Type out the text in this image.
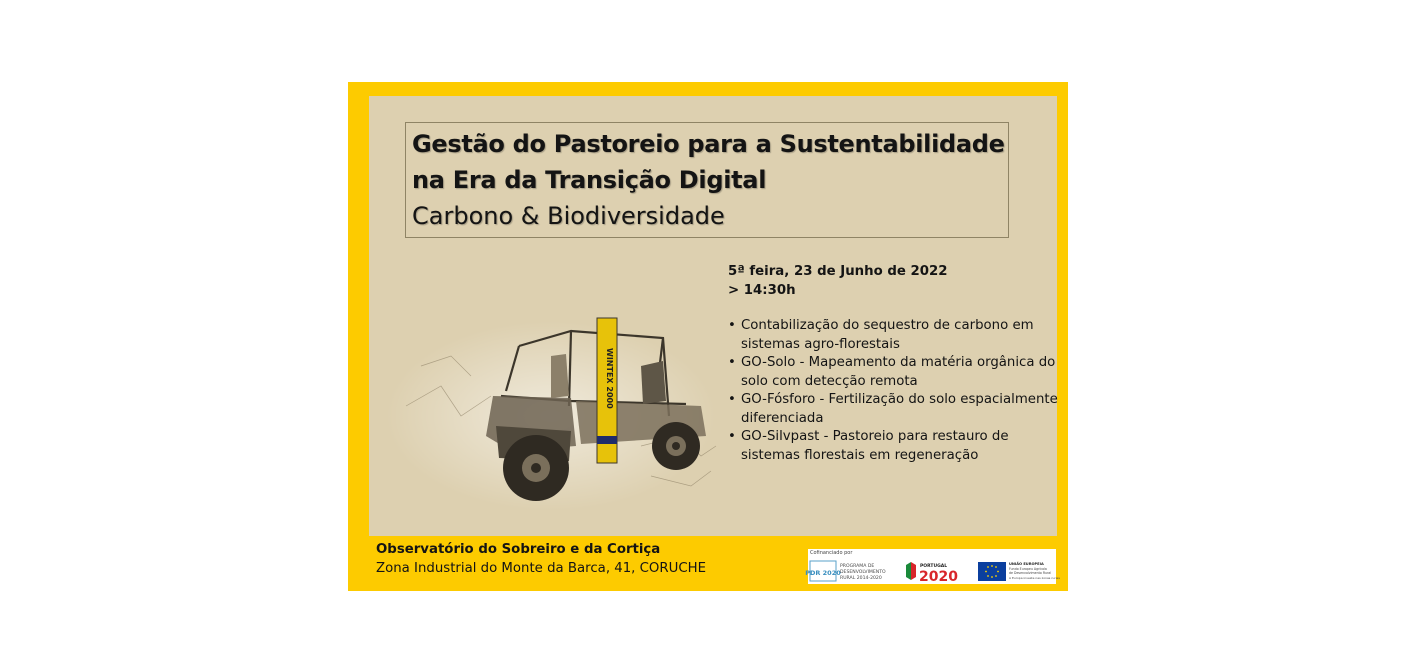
Gestão do Pastoreio para a Sustentabilidade
na Era da Transição Digital
Carbono & Biodiversidade
WINTEX 2000
5ª feira, 23 de Junho de 2022
> 14:30h
• Contabilização do sequestro de carbono em sistemas agro-florestais
• GO-Solo - Mapeamento da matéria orgânica do solo com detecção remota
• GO-Fósforo - Fertilização do solo espacialmente diferenciada
• GO-Silvpast - Pastoreio para restauro de sistemas florestais em regeneração
Observatório do Sobreiro e da Cortiça
Zona Industrial do Monte da Barca, 41, CORUCHE
Cofinanciado por
PDR 2020
PROGRAMA DE
DESENVOLVIMENTO
RURAL 2014-2020
PORTUGAL
2020
UNIÃO EUROPEIA
Fundo Europeu Agrícola
de Desenvolvimento Rural
A Europa investe nas zonas rurais
